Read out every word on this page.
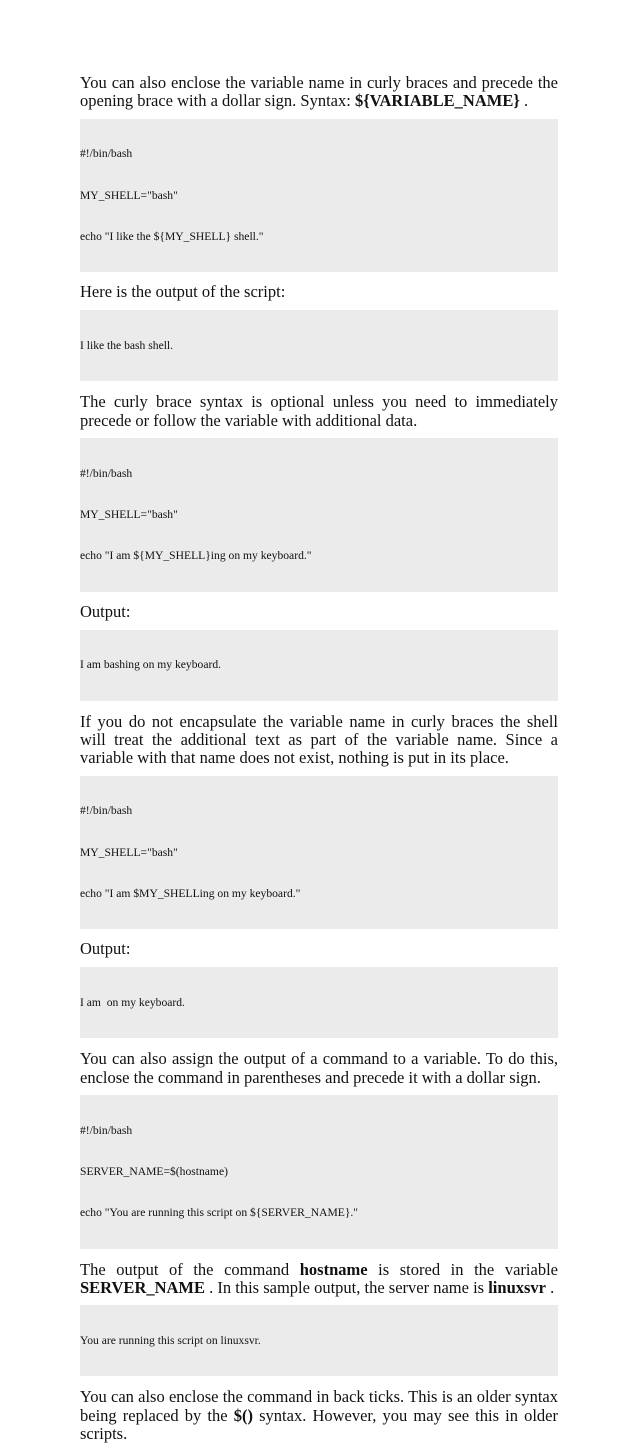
You can also enclose the variable name in curly braces and precede the opening brace with a dollar sign. Syntax: ${VARIABLE_NAME} .

#!/bin/bash

MY_SHELL="bash"

echo "I like the ${MY_SHELL} shell."

Here is the output of the script:

I like the bash shell.

The curly brace syntax is optional unless you need to immediately precede or follow the variable with additional data.

#!/bin/bash

MY_SHELL="bash"

echo "I am ${MY_SHELL}ing on my keyboard."

Output:

I am bashing on my keyboard.

If you do not encapsulate the variable name in curly braces the shell will treat the additional text as part of the variable name. Since a variable with that name does not exist, nothing is put in its place.

#!/bin/bash

MY_SHELL="bash"

echo "I am $MY_SHELLing on my keyboard."

Output:

I am  on my keyboard.

You can also assign the output of a command to a variable. To do this, enclose the command in parentheses and precede it with a dollar sign.

#!/bin/bash

SERVER_NAME=$(hostname)

echo "You are running this script on ${SERVER_NAME}."

The output of the command hostname is stored in the variable SERVER_NAME . In this sample output, the server name is linuxsvr .

You are running this script on linuxsvr.

You can also enclose the command in back ticks. This is an older syntax being replaced by the $() syntax. However, you may see this in older scripts.
